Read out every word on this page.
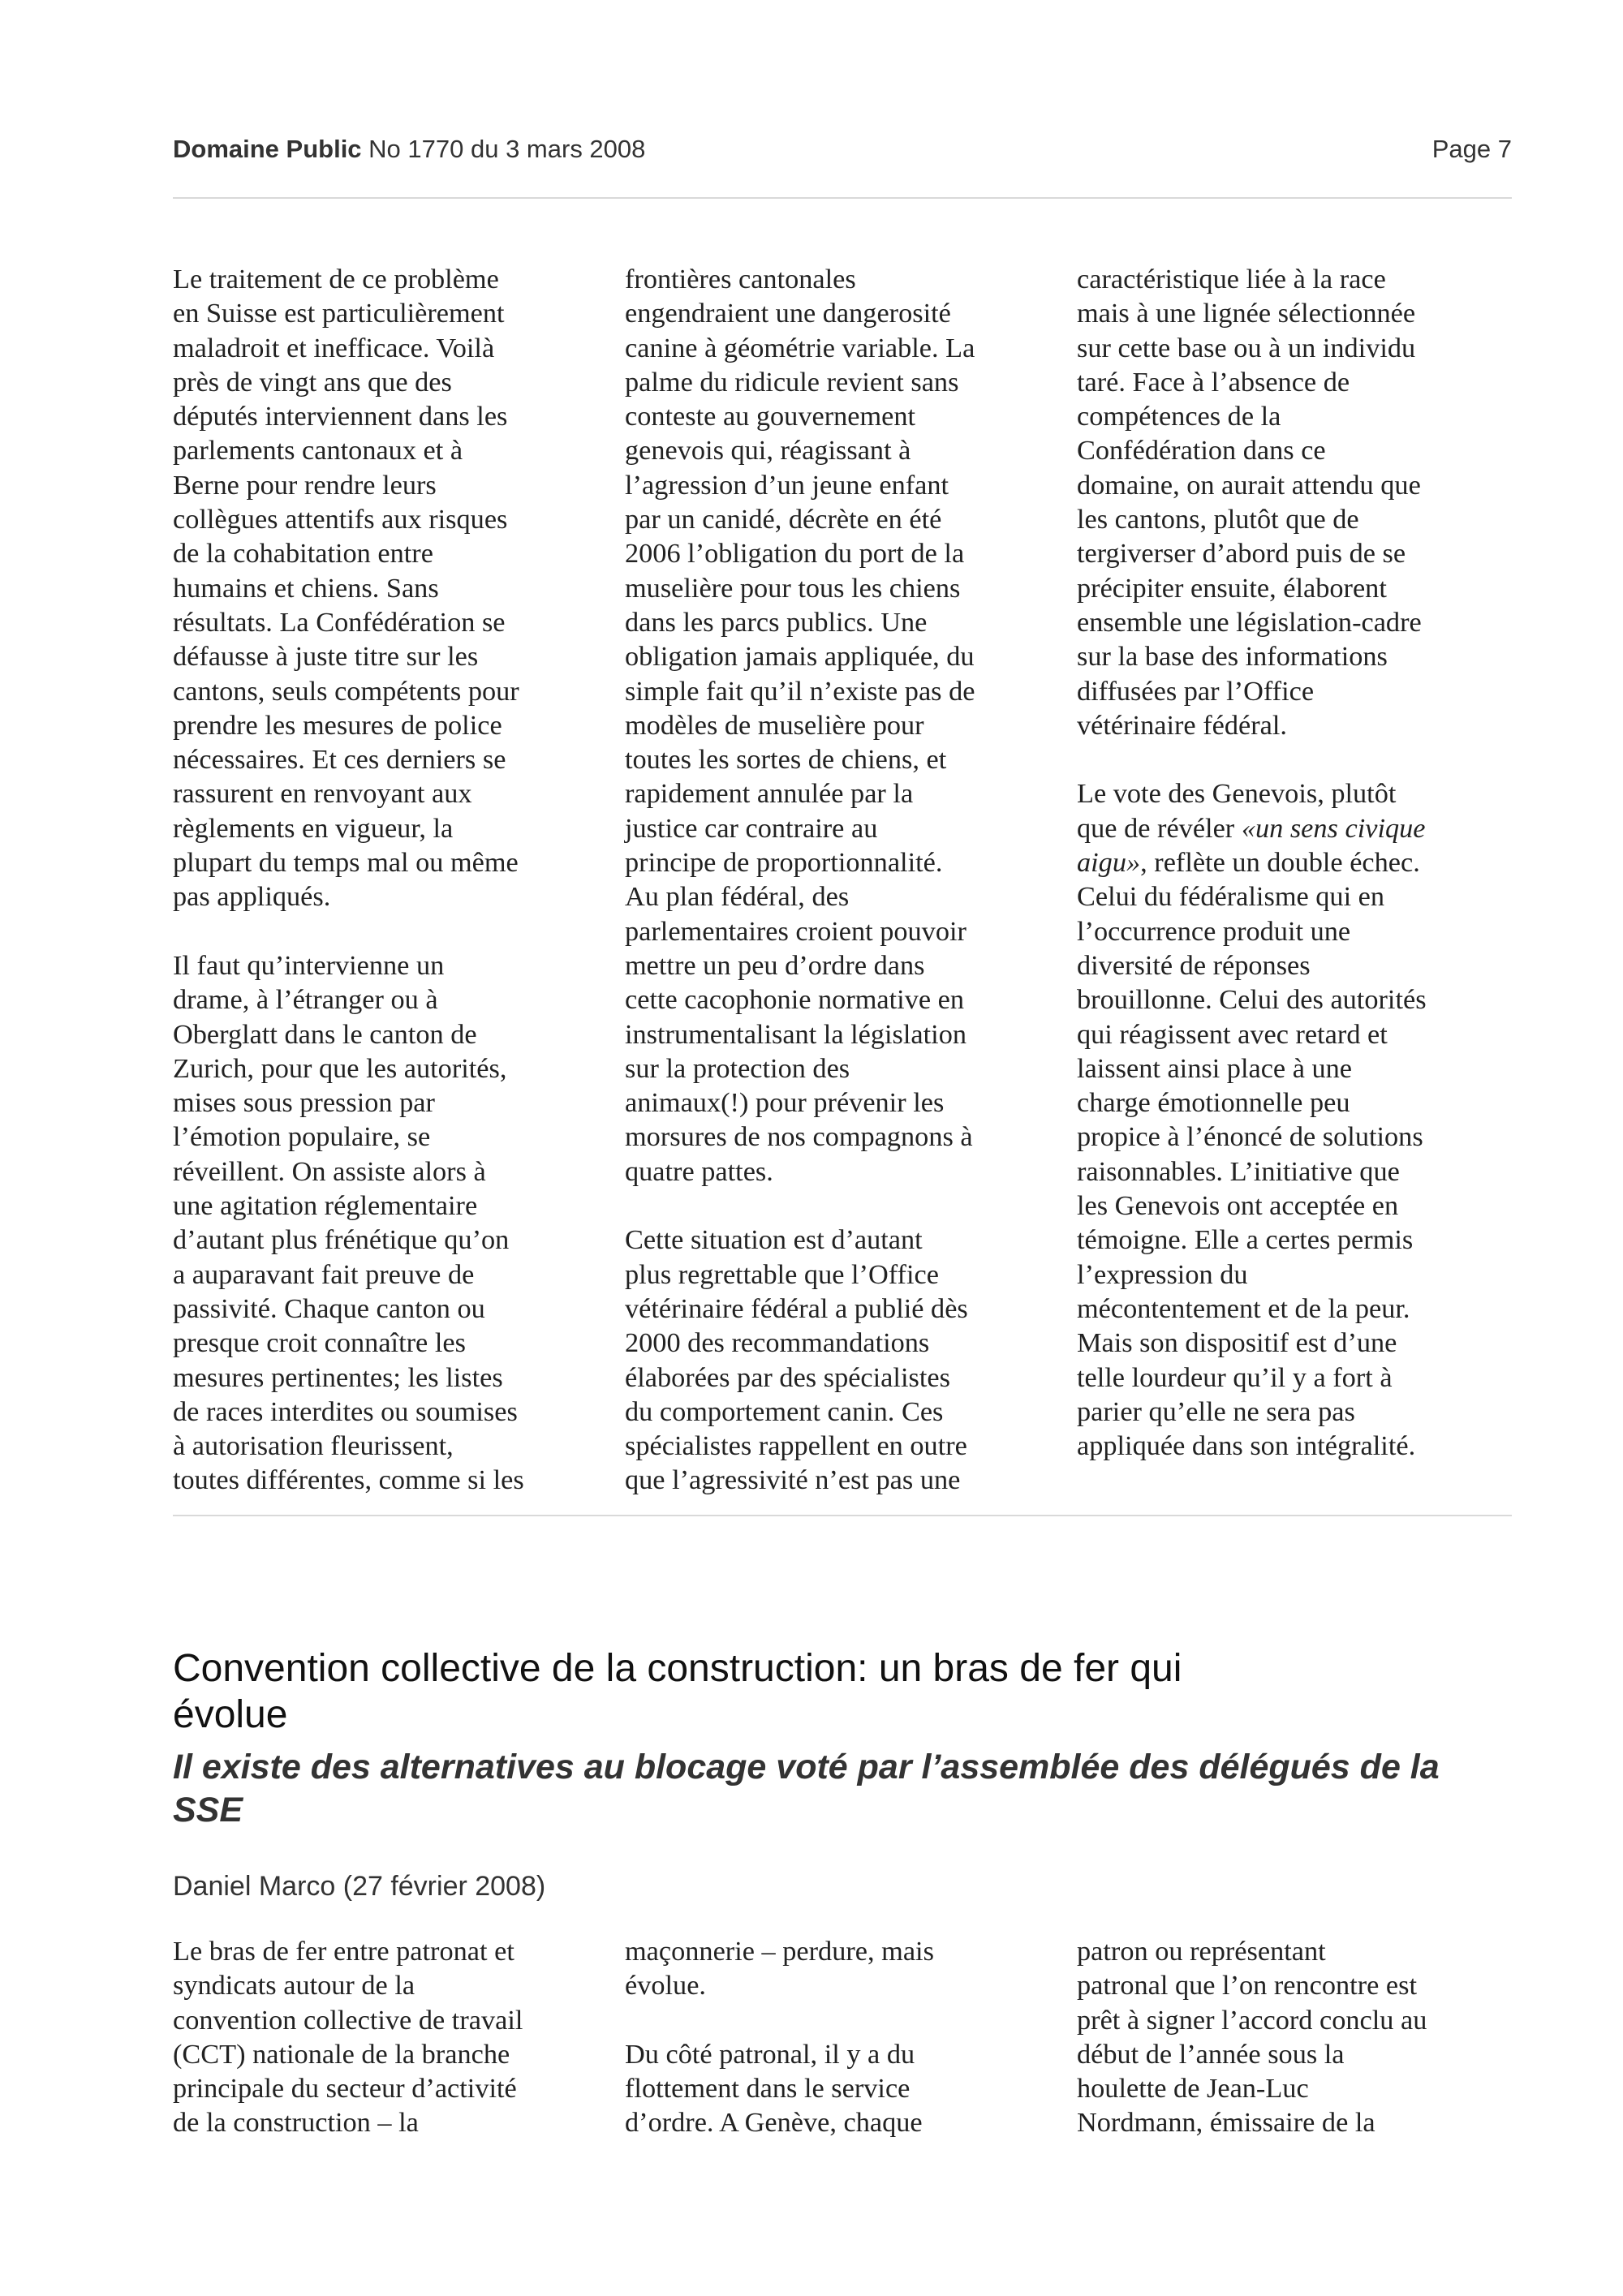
Domaine Public No 1770 du 3 mars 2008	Page 7

Le traitement de ce problème
en Suisse est particulièrement
maladroit et inefficace. Voilà
près de vingt ans que des
députés interviennent dans les
parlements cantonaux et à
Berne pour rendre leurs
collègues attentifs aux risques
de la cohabitation entre
humains et chiens. Sans
résultats. La Confédération se
défausse à juste titre sur les
cantons, seuls compétents pour
prendre les mesures de police
nécessaires. Et ces derniers se
rassurent en renvoyant aux
règlements en vigueur, la
plupart du temps mal ou même
pas appliqués.

Il faut qu’intervienne un
drame, à l’étranger ou à
Oberglatt dans le canton de
Zurich, pour que les autorités,
mises sous pression par
l’émotion populaire, se
réveillent. On assiste alors à
une agitation réglementaire
d’autant plus frénétique qu’on
a auparavant fait preuve de
passivité. Chaque canton ou
presque croit connaître les
mesures pertinentes; les listes
de races interdites ou soumises
à autorisation fleurissent,
toutes différentes, comme si les

frontières cantonales
engendraient une dangerosité
canine à géométrie variable. La
palme du ridicule revient sans
conteste au gouvernement
genevois qui, réagissant à
l’agression d’un jeune enfant
par un canidé, décrète en été
2006 l’obligation du port de la
muselière pour tous les chiens
dans les parcs publics. Une
obligation jamais appliquée, du
simple fait qu’il n’existe pas de
modèles de muselière pour
toutes les sortes de chiens, et
rapidement annulée par la
justice car contraire au
principe de proportionnalité.
Au plan fédéral, des
parlementaires croient pouvoir
mettre un peu d’ordre dans
cette cacophonie normative en
instrumentalisant la législation
sur la protection des
animaux(!) pour prévenir les
morsures de nos compagnons à
quatre pattes.

Cette situation est d’autant
plus regrettable que l’Office
vétérinaire fédéral a publié dès
2000 des recommandations
élaborées par des spécialistes
du comportement canin. Ces
spécialistes rappellent en outre
que l’agressivité n’est pas une

caractéristique liée à la race
mais à une lignée sélectionnée
sur cette base ou à un individu
taré. Face à l’absence de
compétences de la
Confédération dans ce
domaine, on aurait attendu que
les cantons, plutôt que de
tergiverser d’abord puis de se
précipiter ensuite, élaborent
ensemble une législation-cadre
sur la base des informations
diffusées par l’Office
vétérinaire fédéral.

Le vote des Genevois, plutôt
que de révéler «un sens civique
aigu», reflète un double échec.
Celui du fédéralisme qui en
l’occurrence produit une
diversité de réponses
brouillonne. Celui des autorités
qui réagissent avec retard et
laissent ainsi place à une
charge émotionnelle peu
propice à l’énoncé de solutions
raisonnables. L’initiative que
les Genevois ont acceptée en
témoigne. Elle a certes permis
l’expression du
mécontentement et de la peur.
Mais son dispositif est d’une
telle lourdeur qu’il y a fort à
parier qu’elle ne sera pas
appliquée dans son intégralité.

Convention collective de la construction: un bras de fer qui
évolue
Il existe des alternatives au blocage voté par l’assemblée des délégués de la
SSE
Daniel Marco (27 février 2008)

Le bras de fer entre patronat et
syndicats autour de la
convention collective de travail
(CCT) nationale de la branche
principale du secteur d’activité
de la construction – la

maçonnerie – perdure, mais
évolue.

Du côté patronal, il y a du
flottement dans le service
d’ordre. A Genève, chaque

patron ou représentant
patronal que l’on rencontre est
prêt à signer l’accord conclu au
début de l’année sous la
houlette de Jean-Luc
Nordmann, émissaire de la
